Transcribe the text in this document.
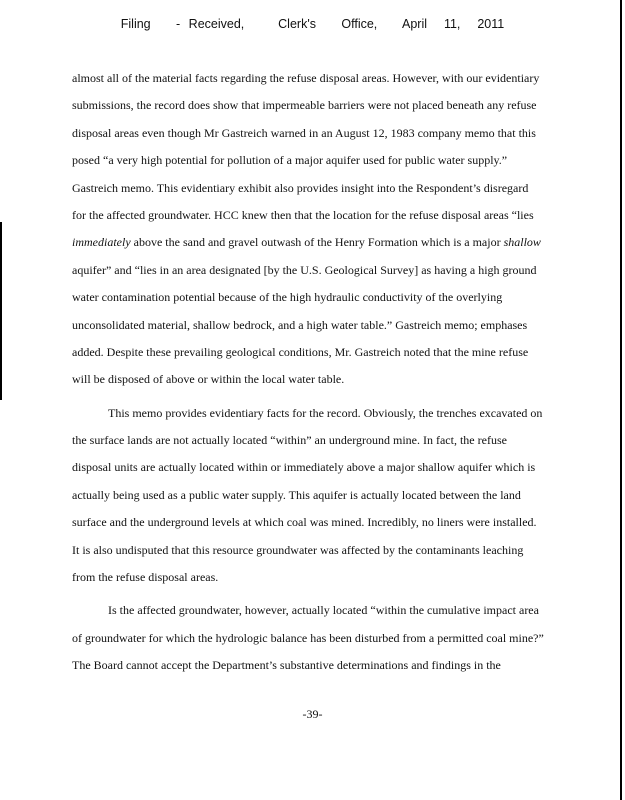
Filing   - Received,    Clerk's   Office,   April  11,  2011
almost all of the material facts regarding the refuse disposal areas. However, with our evidentiary
submissions, the record does show that impermeable barriers were not placed beneath any refuse
disposal areas even though Mr Gastreich warned in an August 12, 1983 company memo that this
posed “a very high potential for pollution of a major aquifer used for public water supply.”
Gastreich memo. This evidentiary exhibit also provides insight into the Respondent’s disregard
for the affected groundwater. HCC knew then that the location for the refuse disposal areas “lies
immediately above the sand and gravel outwash of the Henry Formation which is a major shallow
aquifer” and “lies in an area designated [by the U.S. Geological Survey] as having a high ground
water contamination potential because of the high hydraulic conductivity of the overlying
unconsolidated material, shallow bedrock, and a high water table.” Gastreich memo; emphases
added. Despite these prevailing geological conditions, Mr. Gastreich noted that the mine refuse
will be disposed of above or within the local water table.
This memo provides evidentiary facts for the record. Obviously, the trenches excavated on
the surface lands are not actually located “within” an underground mine. In fact, the refuse
disposal units are actually located within or immediately above a major shallow aquifer which is
actually being used as a public water supply. This aquifer is actually located between the land
surface and the underground levels at which coal was mined. Incredibly, no liners were installed.
It is also undisputed that this resource groundwater was affected by the contaminants leaching
from the refuse disposal areas.
Is the affected groundwater, however, actually located “within the cumulative impact area
of groundwater for which the hydrologic balance has been disturbed from a permitted coal mine?”
The Board cannot accept the Department’s substantive determinations and findings in the
-39-
